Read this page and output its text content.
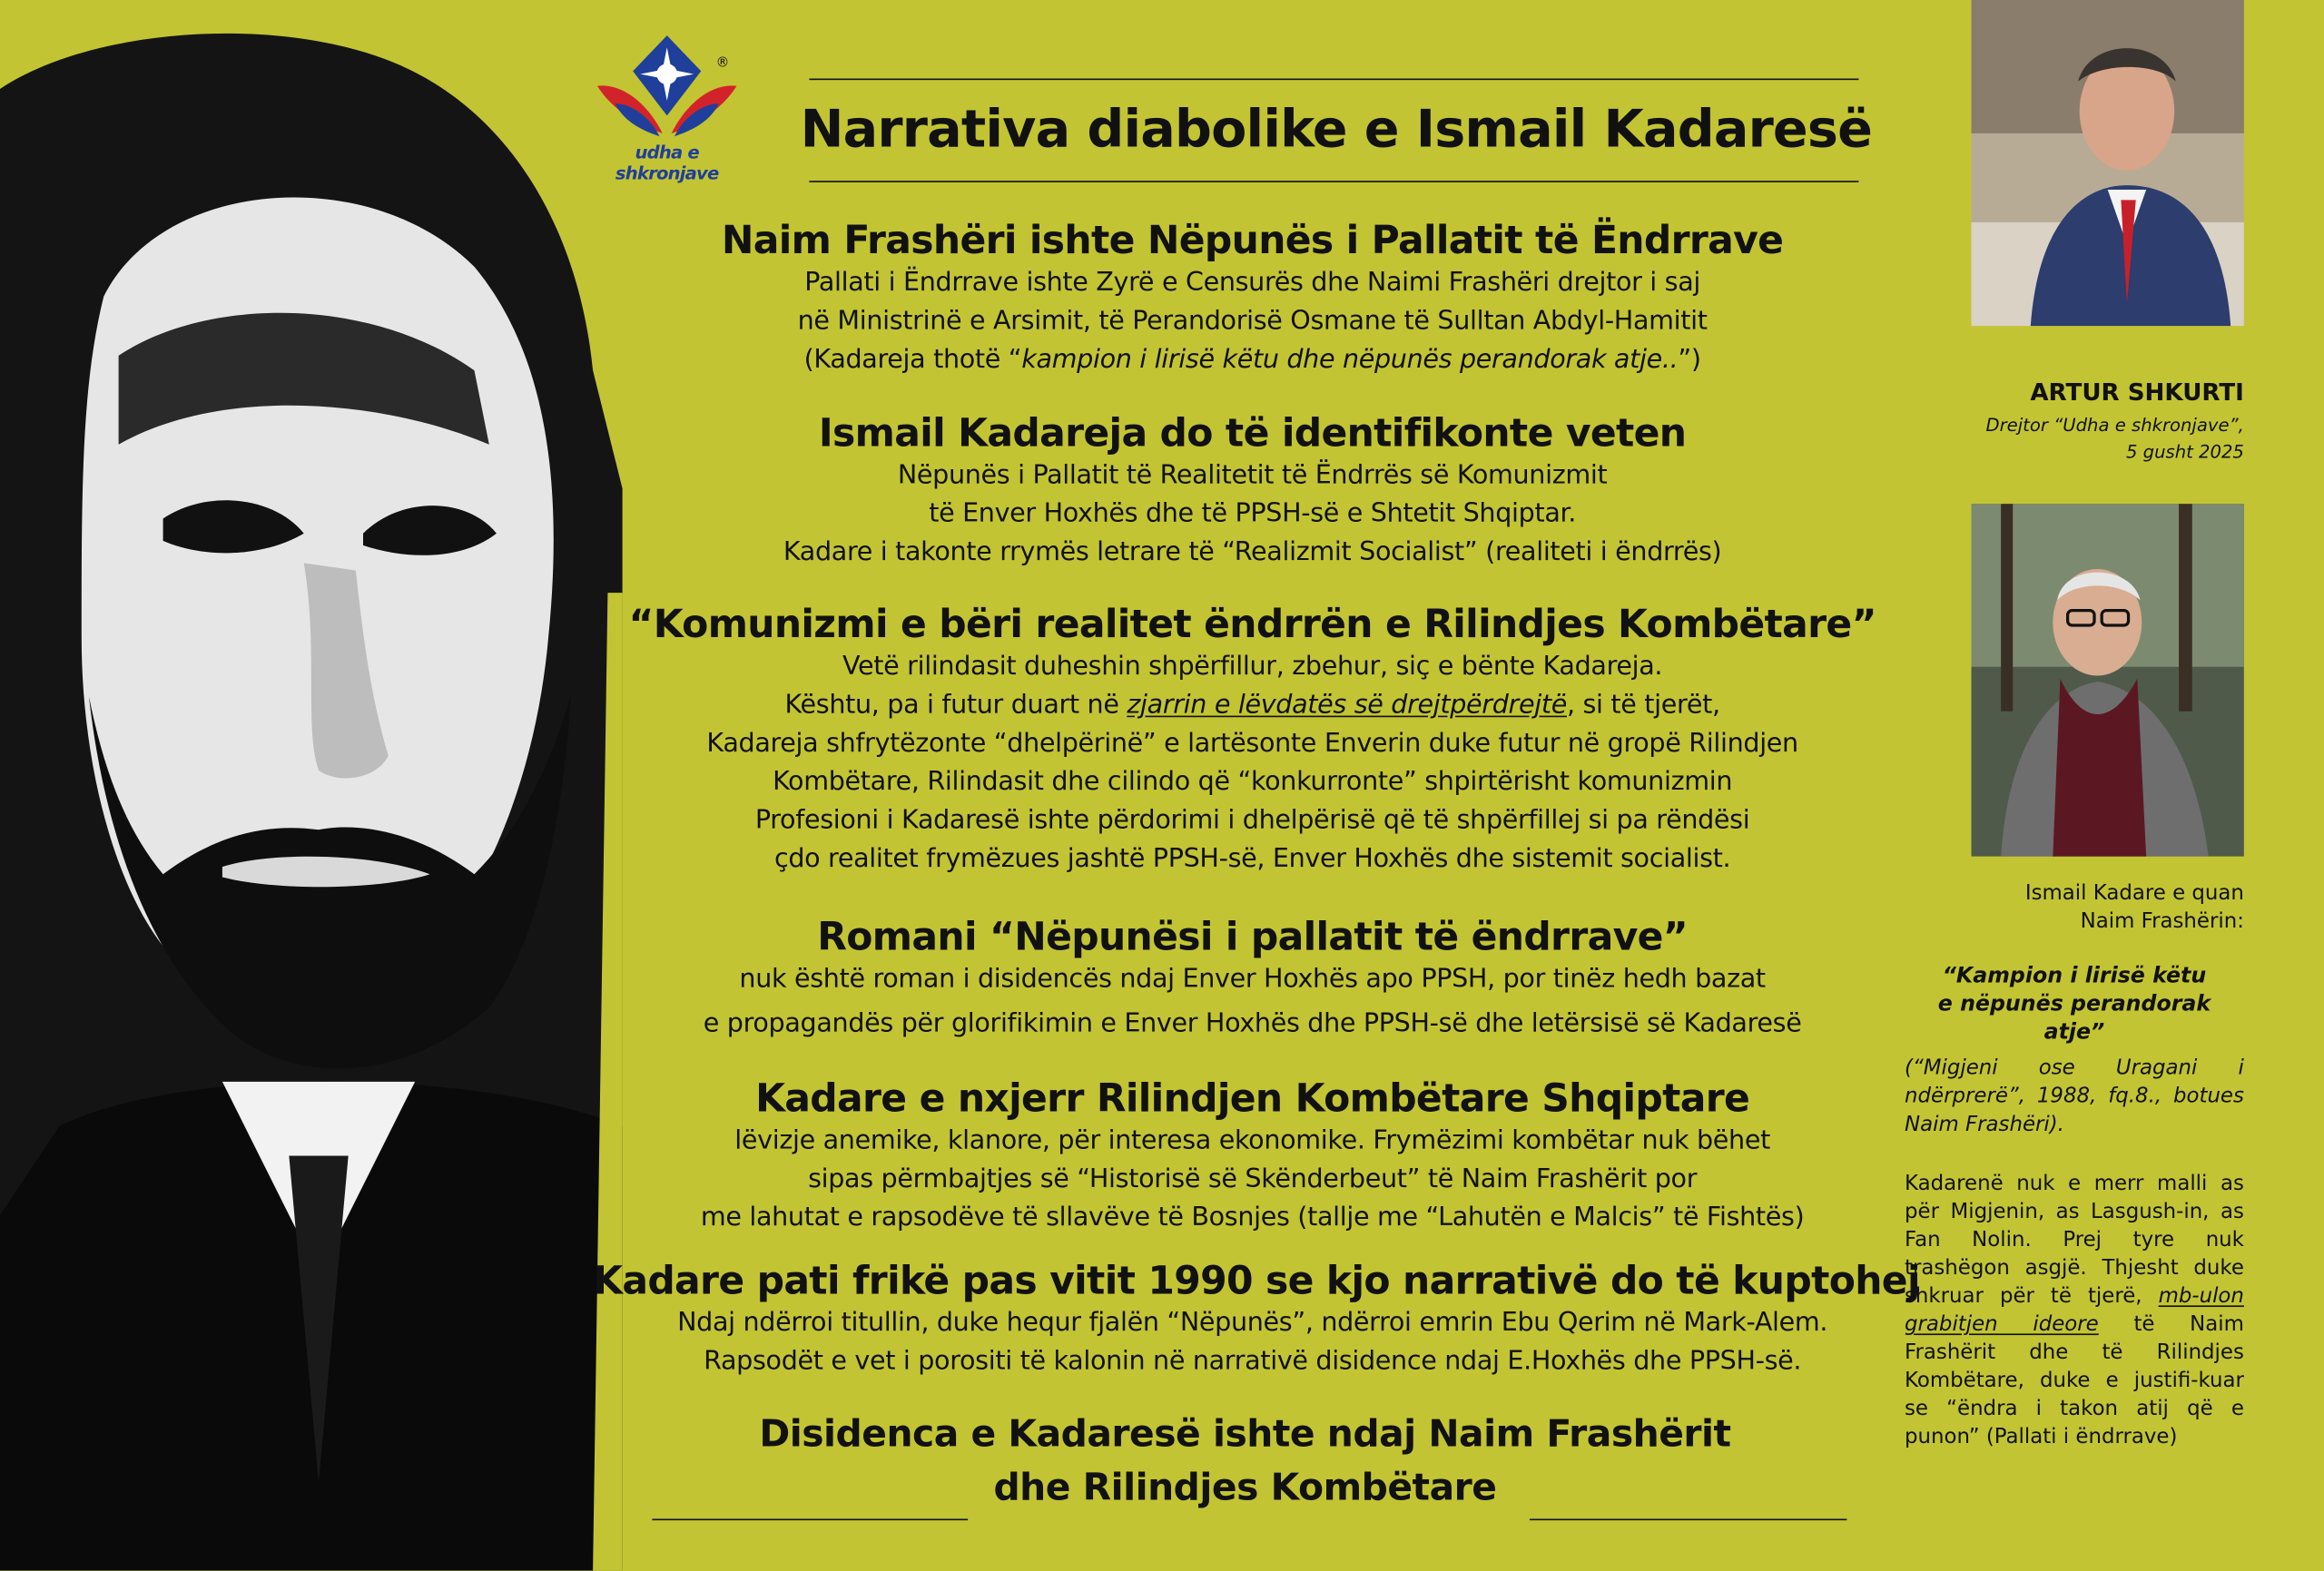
®
udha e shkronjave
Narrativa diabolike e Ismail Kadaresë
Naim Frashëri ishte Nëpunës i Pallatit të Ëndrrave
Pallati i Ëndrrave ishte Zyrë e Censurës dhe Naimi Frashëri drejtor i saj
në Ministrinë e Arsimit, të Perandorisë Osmane të Sulltan Abdyl-Hamitit
(Kadareja thotë “kampion i lirisë këtu dhe nëpunës perandorak atje..”)
Ismail Kadareja do të identifikonte veten
Nëpunës i Pallatit të Realitetit të Ëndrrës së Komunizmit
të Enver Hoxhës dhe të PPSH-së e Shtetit Shqiptar.
Kadare i takonte rrymës letrare të “Realizmit Socialist” (realiteti i ëndrrës)
“Komunizmi e bëri realitet ëndrrën e Rilindjes Kombëtare”
Vetë rilindasit duheshin shpërfillur, zbehur, siç e bënte Kadareja.
Kështu, pa i futur duart në zjarrin e lëvdatës së drejtpërdrejtë, si të tjerët,
Kadareja shfrytëzonte “dhelpërinë” e lartësonte Enverin duke futur në gropë Rilindjen
Kombëtare, Rilindasit dhe cilindo që “konkurronte” shpirtërisht komunizmin
Profesioni i Kadaresë ishte përdorimi i dhelpërisë që të shpërfillej si pa rëndësi
çdo realitet frymëzues jashtë PPSH-së, Enver Hoxhës dhe sistemit socialist.
Romani “Nëpunësi i pallatit të ëndrrave”
nuk është roman i disidencës ndaj Enver Hoxhës apo PPSH, por tinëz hedh bazat
e propagandës për glorifikimin e Enver Hoxhës dhe PPSH-së dhe letërsisë së Kadaresë
Kadare e nxjerr Rilindjen Kombëtare Shqiptare
lëvizje anemike, klanore, për interesa ekonomike. Frymëzimi kombëtar nuk bëhet
sipas përmbajtjes së “Historisë së Skënderbeut” të Naim Frashërit por
me lahutat e rapsodëve të sllavëve të Bosnjes (tallje me “Lahutën e Malcis” të Fishtës)
Kadare pati frikë pas vitit 1990 se kjo narrativë do të kuptohej
Ndaj ndërroi titullin, duke hequr fjalën “Nëpunës”, ndërroi emrin Ebu Qerim në Mark-Alem.
Rapsodët e vet i porositi të kalonin në narrativë disidence ndaj E.Hoxhës dhe PPSH-së.
Disidenca e Kadaresë ishte ndaj Naim Frashërit
dhe Rilindjes Kombëtare
ARTUR SHKURTI
Drejtor “Udha e shkronjave”,
5 gusht 2025
Ismail Kadare e quan
Naim Frashërin:
“Kampion i lirisë këtu
e nëpunës perandorak atje”
(“Migjeni ose Uragani i ndërprerë”, 1988, fq.8., botues Naim Frashëri).
Kadarenë nuk e merr malli as për Migjenin, as Lasgush-in, as Fan Nolin. Prej tyre nuk trashëgon asgjë. Thjesht duke shkruar për të tjerë, mb-ulon grabitjen ideore të Naim Frashërit dhe të Rilindjes Kombëtare, duke e justifi-kuar se “ëndra i takon atij që e punon” (Pallati i ëndrrave)
